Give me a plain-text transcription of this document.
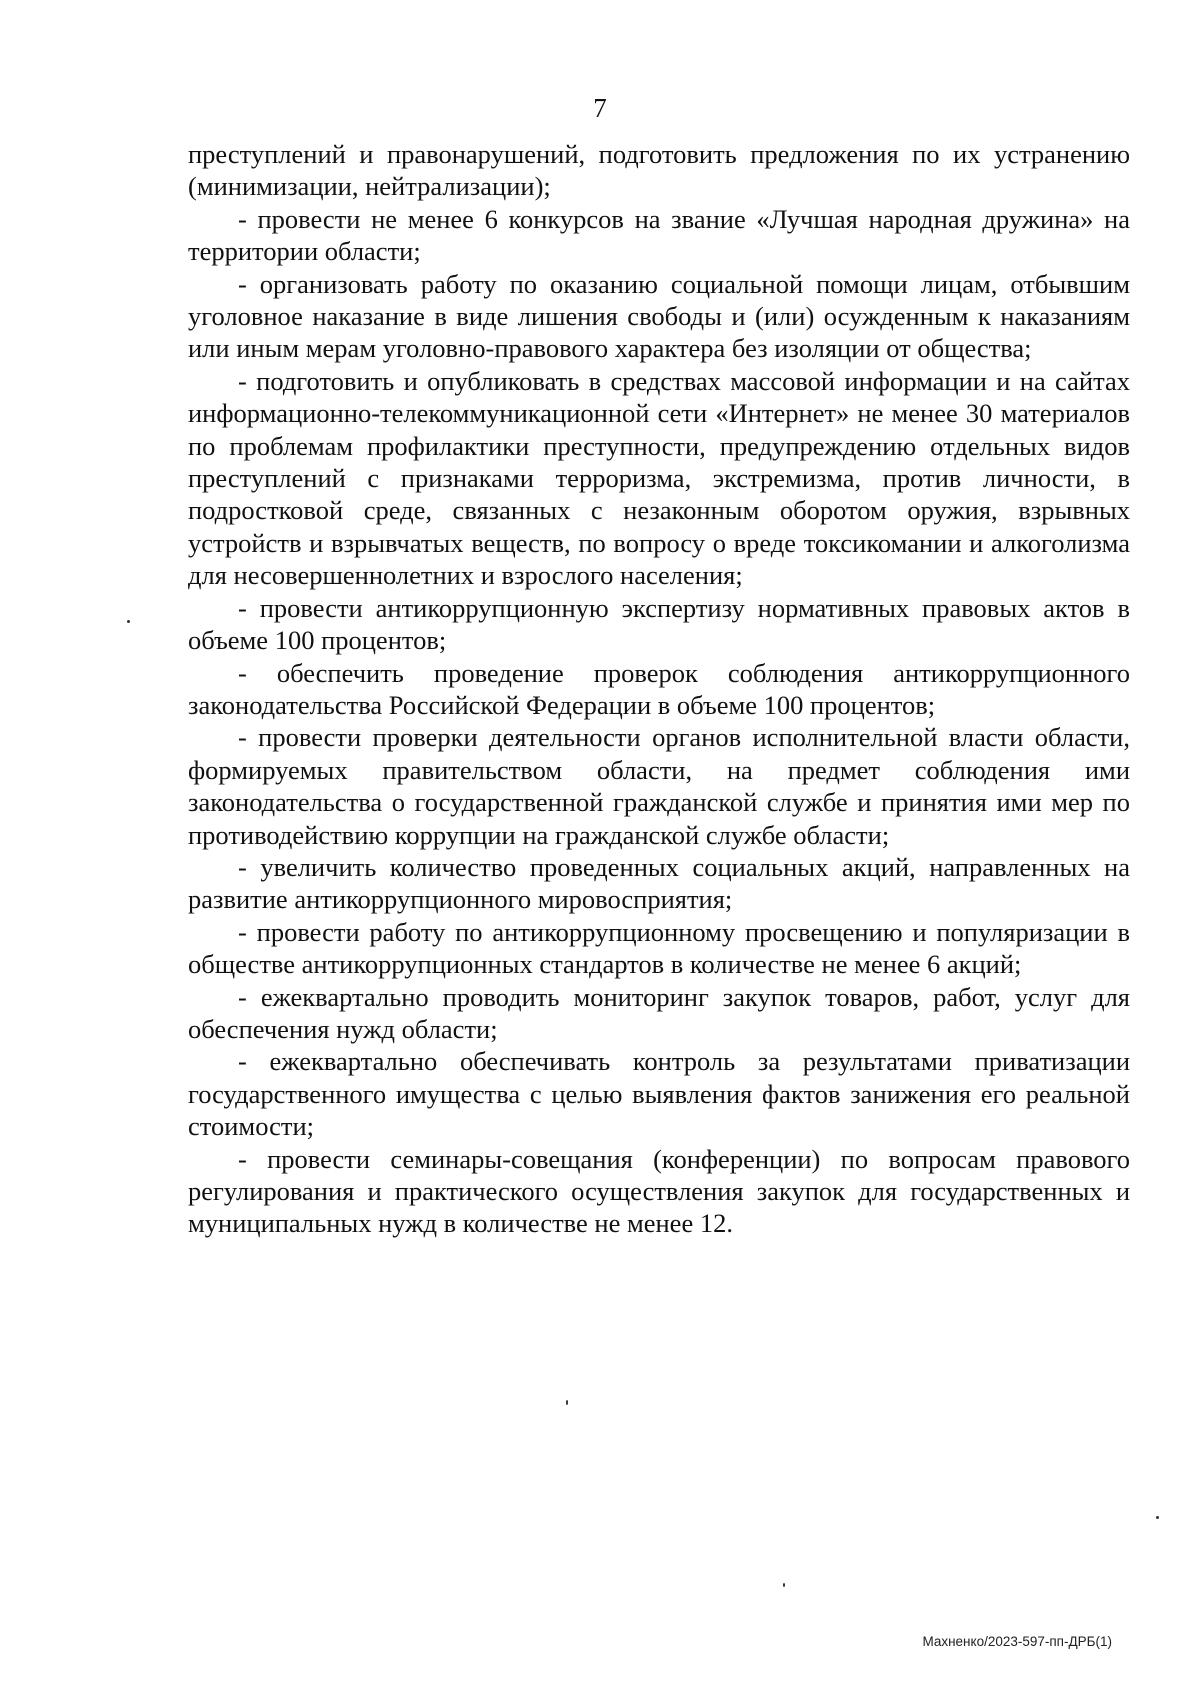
7

преступлений и правонарушений, подготовить предложения по их устранению (минимизации, нейтрализации);

- провести не менее 6 конкурсов на звание «Лучшая народная дружина» на территории области;

- организовать работу по оказанию социальной помощи лицам, отбывшим уголовное наказание в виде лишения свободы и (или) осужденным к наказаниям или иным мерам уголовно-правового характера без изоляции от общества;

- подготовить и опубликовать в средствах массовой информации и на сайтах информационно-телекоммуникационной сети «Интернет» не менее 30 материалов по проблемам профилактики преступности, предупреждению отдельных видов преступлений с признаками терроризма, экстремизма, против личности, в подростковой среде, связанных с незаконным оборотом оружия, взрывных устройств и взрывчатых веществ, по вопросу о вреде токсикомании и алкоголизма для несовершеннолетних и взрослого населения;

- провести антикоррупционную экспертизу нормативных правовых актов в объеме 100 процентов;

- обеспечить проведение проверок соблюдения антикоррупционного законодательства Российской Федерации в объеме 100 процентов;

- провести проверки деятельности органов исполнительной власти области, формируемых правительством области, на предмет соблюдения ими законодательства о государственной гражданской службе и принятия ими мер по противодействию коррупции на гражданской службе области;

- увеличить количество проведенных социальных акций, направленных на развитие антикоррупционного мировосприятия;

- провести работу по антикоррупционному просвещению и популяризации в обществе антикоррупционных стандартов в количестве не менее 6 акций;

- ежеквартально проводить мониторинг закупок товаров, работ, услуг для обеспечения нужд области;

- ежеквартально обеспечивать контроль за результатами приватизации государственного имущества с целью выявления фактов занижения его реальной стоимости;

- провести семинары-совещания (конференции) по вопросам правового регулирования и практического осуществления закупок для государственных и муниципальных нужд в количестве не менее 12.

Махненко/2023-597-пп-ДРБ(1)
